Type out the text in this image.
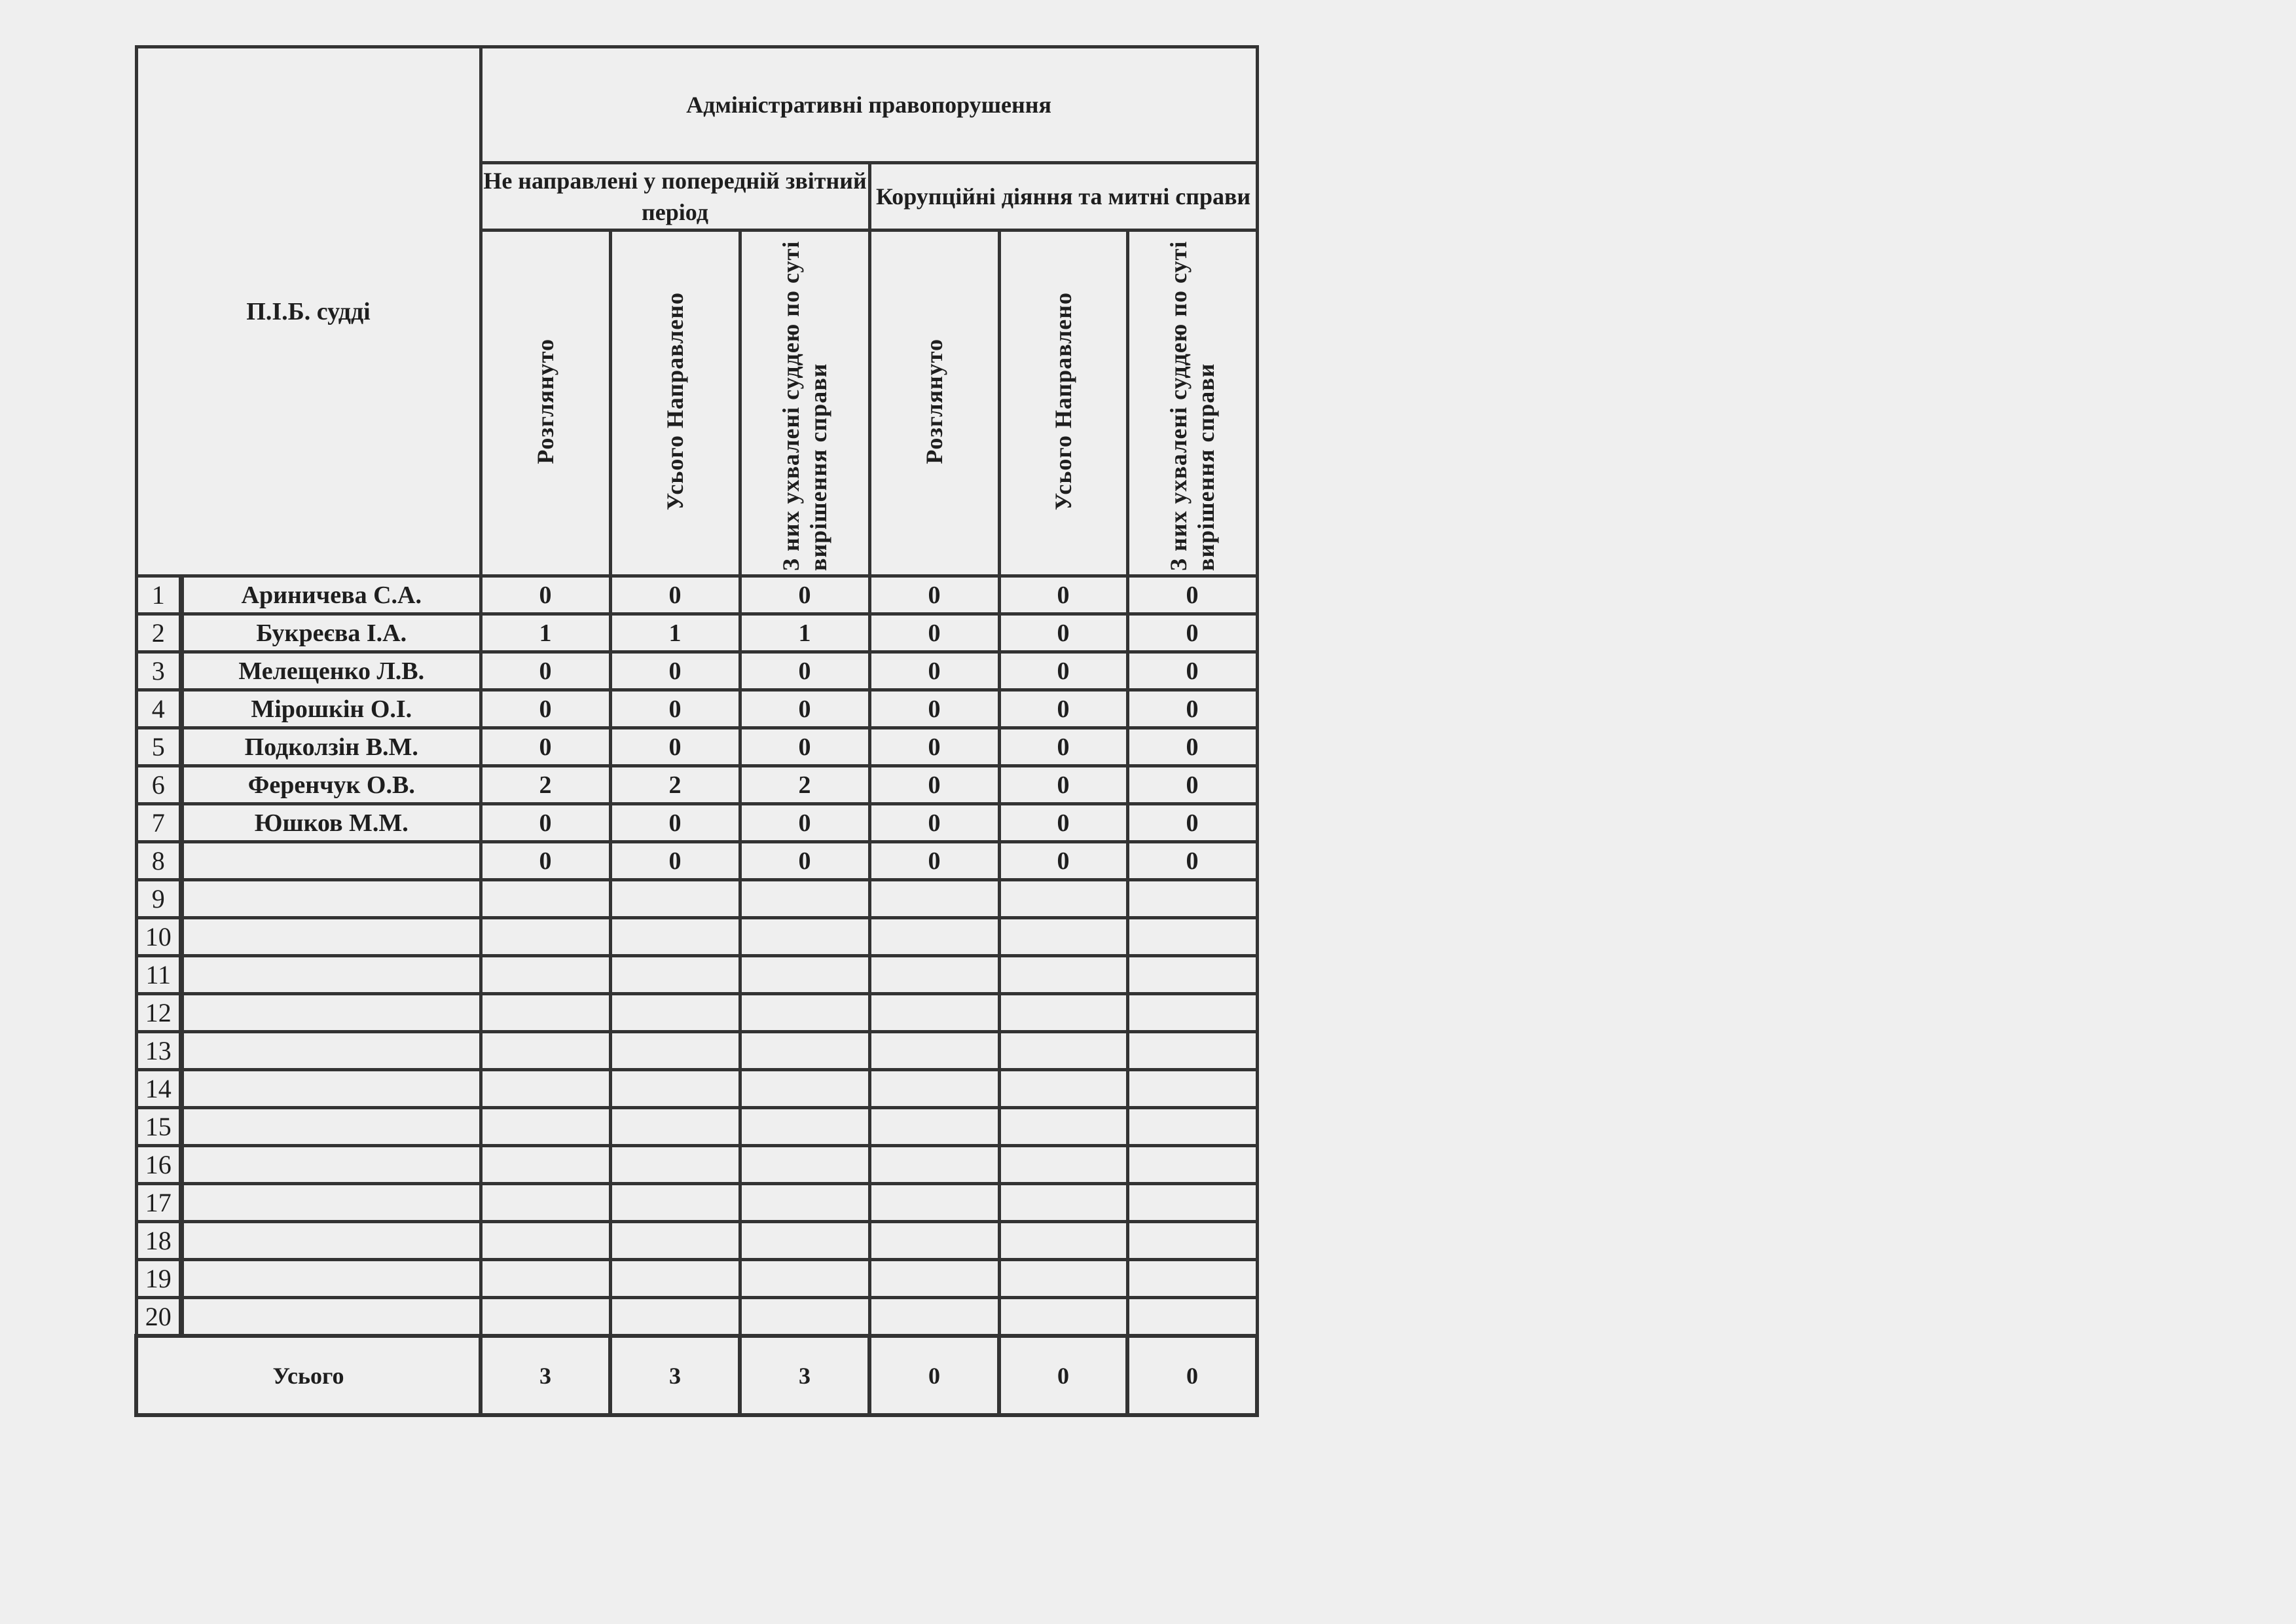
П.І.Б. судді		Адміністративні правопорушення					
		Не направлені у попередній звітний період			Корупційні діяння та митні справи		
		Розглянуто	Усього Направлено	З них ухвалені суддею по суті вирішення справи	Розглянуто	Усього Направлено	З них ухвалені суддею по суті вирішення справи
1	Ариничева С.А.	0	0	0	0	0	0
2	Букреєва І.А.	1	1	1	0	0	0
3	Мелещенко Л.В.	0	0	0	0	0	0
4	Мірошкін О.І.	0	0	0	0	0	0
5	Подколзін В.М.	0	0	0	0	0	0
6	Ференчук О.В.	2	2	2	0	0	0
7	Юшков М.М.	0	0	0	0	0	0
8		0	0	0	0	0	0
9							
10							
11							
12							
13							
14							
15							
16							
17							
18							
19							
20							
Усього		3	3	3	0	0	0
